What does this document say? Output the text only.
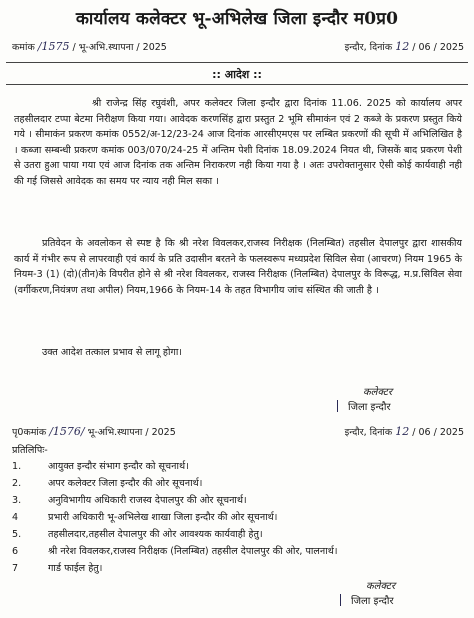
कार्यालय कलेक्टर भू-अभिलेख जिला इन्दौर म0प्र0
कमांक /1575 / भू-अभि.स्थापना / 2025	इन्दौर, दिनांक 12 / 06 / 2025
:: आदेश ::

श्री राजेन्द्र सिंह रघुवंशी, अपर कलेक्टर जिला इन्दौर द्वारा दिनांक 11.06. 2025 को कार्यालय अपर तहसीलदार टप्पा बेटमा निरीक्षण किया गया। आवेदक करणसिंह द्वारा प्रस्तुत 2 भूमि सीमाकंन एवं 2 कब्जे के प्रकरण प्रस्तुत किये गये । सीमाकंन प्रकरण कमांक 0552/अ-12/23-24 आज दिनांक आरसीएमएस पर लम्बित प्रकरणों की सूची में अभिलिखित है । कब्जा सम्बन्धी प्रकरण कमांक 003/070/24-25 में अन्तिम पेशी दिनांक 18.09.2024 नियत थी, जिसकें बाद प्रकरण पेशी से उतरा हुआ पाया गया एवं आज दिनांक तक अन्तिम निराकरण नही किया गया है । अतः उपरोक्तानुसार ऐसी कोई कार्यवाही नही की गई जिससे आवेदक का समय पर न्याय नही मिल सका ।

प्रतिवेदन के अवलोकन से स्पष्ट है कि श्री नरेश विवलकर,राजस्व निरीक्षक (निलम्बित) तहसील देपालपुर द्वारा शासकीय कार्य में गंभीर रूप से लापरवाही एवं कार्य के प्रति उदासीन बरतने के फलस्वरूप मध्यप्रदेश सिविल सेवा (आचरण) नियम 1965 के नियम-3 (1) (दो)(तीन)के विपरीत होने से श्री नरेश विवलकर, राजस्व निरीक्षक (निलम्बित) देपालपुर के विरूद्ध, म.प्र.सिविल सेवा (वर्गीकरण,नियंत्रण तथा अपील) नियम,1966 के नियम-14 के तहत विभागीय जांच संस्थित की जाती है ।

उक्त आदेश तत्काल प्रभाव से लागू होगा।

कलेक्टर
जिला इन्दौर
पृ0कमांक /1576/ भू-अभि.स्थापना / 2025	इन्दौर, दिनांक 12 / 06 / 2025
प्रतिलिपिः-
1.	आयुक्त इन्दौर संभाग इन्दौर को सूचनार्थ।
2.	अपर कलेक्टर जिला इन्दौर की ओर सूचनार्थ।
3.	अनुविभागीय अधिकारी राजस्व देपालपुर की ओर सूचनार्थ।
4	प्रभारी अधिकारी भू-अभिलेख शाखा जिला इन्दौर की ओर सूचनार्थ।
5.	तहसीलदार,तहसील देपालपुर की ओर आवश्यक कार्यवाही हेतु।
6	श्री नरेश विवलकर,राजस्व निरीक्षक (निलम्बित) तहसील देपालपुर की ओर, पालनार्थ।
7	गार्ड फाईल हेतु।
कलेक्टर
जिला इन्दौर
